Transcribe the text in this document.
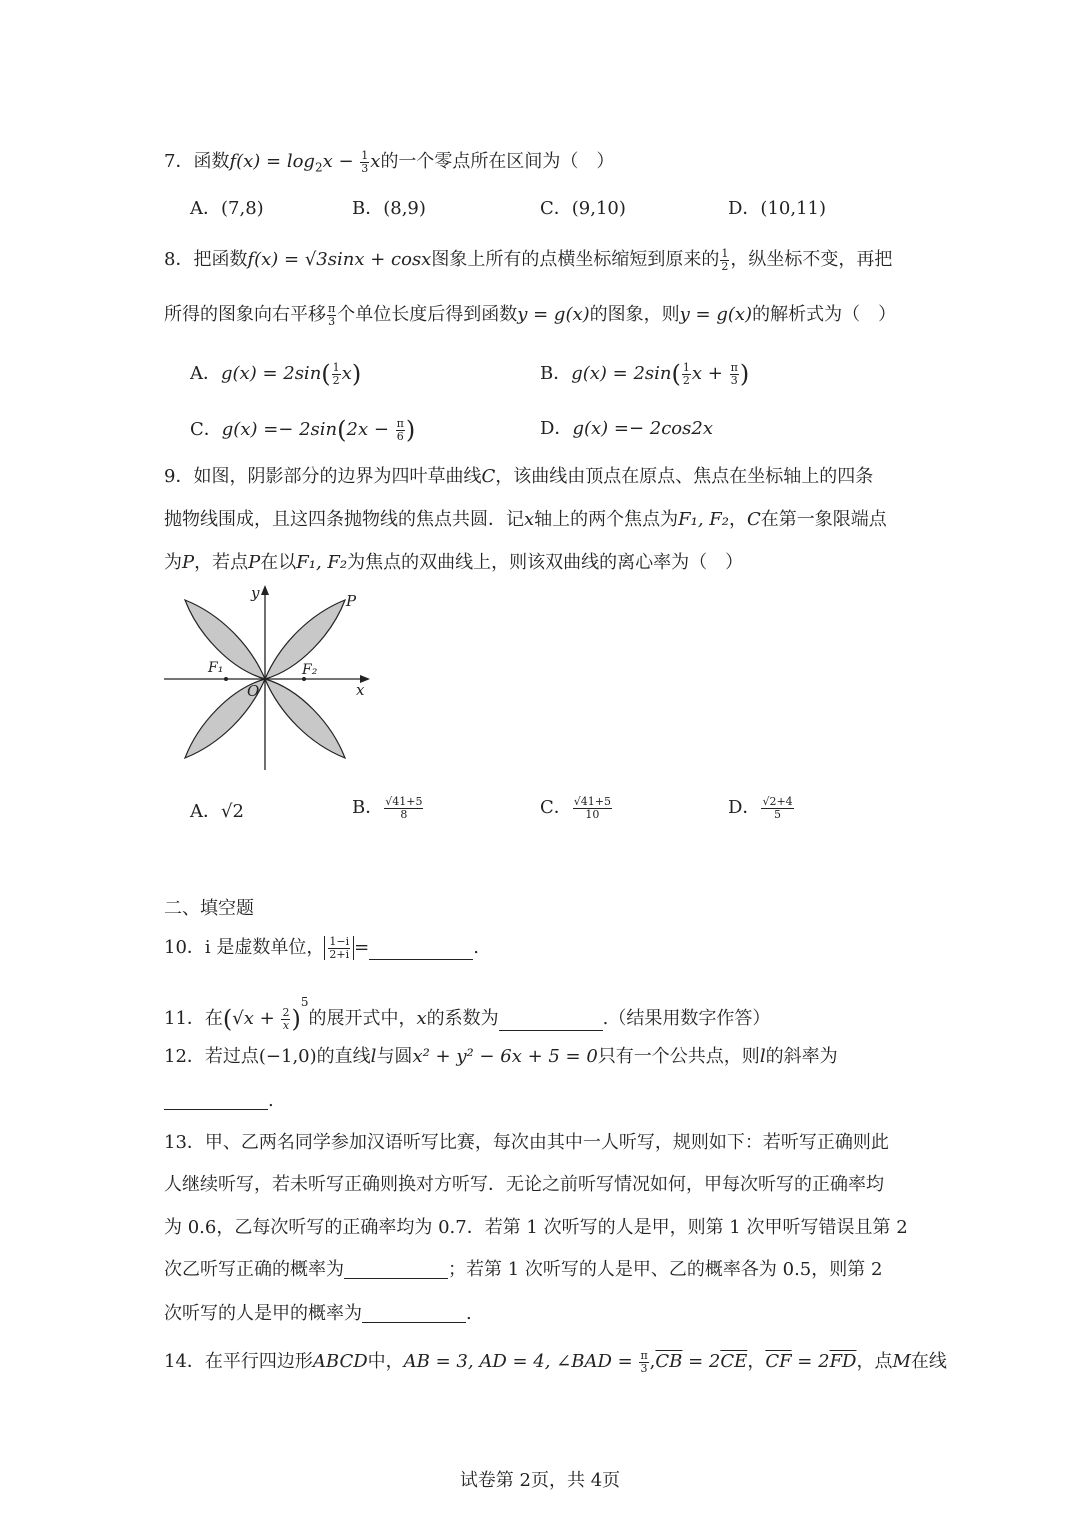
7．函数$f(x) = \log_2x - \frac{1}{3}$ x的一个零点所在区间为（　）
A．(7,8)	B．(8,9)	C．(9,10)	D．(10,11)
8．把函数f(x) = √3sinx + cosx图象上所有的点横坐标缩短到原来的 $\frac{1}{2}$ ，纵坐标不变，再把
所得的图象向右平移 $\frac{\pi}{3}$ 个单位长度后得到函数y = g(x)的图象，则y = g(x)的解析式为（　）
A．$g(x) = 2\sin( \frac{1}{2} x)$	B．$g(x) = 2\sin( \frac{1}{2}$ $x + \frac{\pi}{3}$ )
C．$g(x) =- 2\sin(2x - \frac{\pi}{6}$ )	D．g(x) =− 2cos2x
9．如图，阴影部分的边界为四叶草曲线C，该曲线由顶点在原点、焦点在坐标轴上的四条
抛物线围成，且这四条抛物线的焦点共圆．记x轴上的两个焦点为F₁, F₂，C在第一象限端点
为P，若点P在以F₁, F₂为焦点的双曲线上，则该双曲线的离心率为（　）
y
x
P
O
F₁	F₂
A．√2	B． $\frac{√41+5}{8}$	C． $\frac{√41+5}{10}$	D． $\frac{√2+4}{5}$
二、填空题
10．i 是虚数单位， $\frac{1-i}{2+i}$ =	.
11．在$(√x + \frac{2}{x} )^5$的展开式中，x的系数为	.（结果用数字作答）
12．若过点(−1,0)的直线l与圆x² + y² − 6x + 5 = 0只有一个公共点，则l的斜率为
.
13．甲、乙两名同学参加汉语听写比赛，每次由其中一人听写，规则如下：若听写正确则此
人继续听写，若未听写正确则换对方听写．无论之前听写情况如何，甲每次听写的正确率均
为 0.6，乙每次听写的正确率均为 0.7．若第 1 次听写的人是甲，则第 1 次甲听写错误且第 2
次乙听写正确的概率为	；若第 1 次听写的人是甲、乙的概率各为 0.5，则第 2
次听写的人是甲的概率为	.
14．在平行四边形ABCD中，AB = 3, AD = 4, ∠BAD = $\frac{\pi}{3} ,\overline{CB} = 2\overline{CE}$，$\overline{CF} = 2\overline{FD}$，点M在线
试卷第 2页，共 4页
